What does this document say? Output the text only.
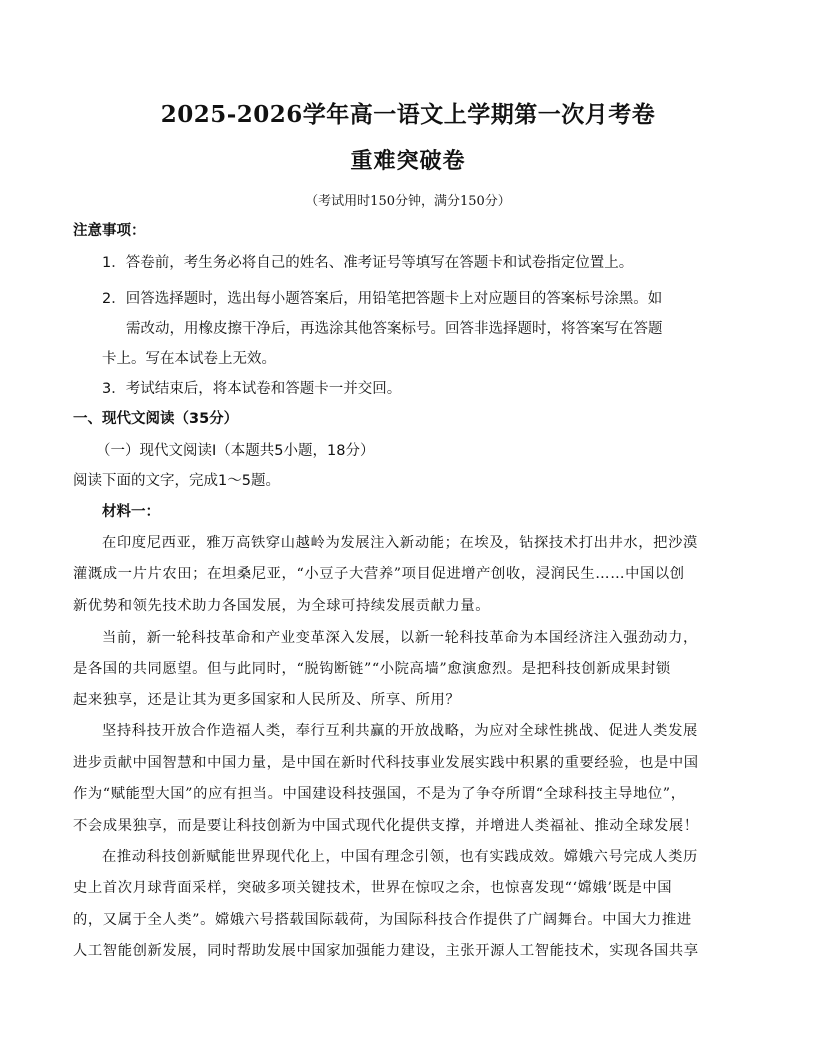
2025-2026学年高一语文上学期第一次月考卷
重难突破卷
（考试用时150分钟，满分150分）
注意事项：
1．答卷前，考生务必将自己的姓名、准考证号等填写在答题卡和试卷指定位置上。
2．回答选择题时，选出每小题答案后，用铅笔把答题卡上对应题目的答案标号涂黑。如
需改动，用橡皮擦干净后，再选涂其他答案标号。回答非选择题时，将答案写在答题
卡上。写在本试卷上无效。
3．考试结束后，将本试卷和答题卡一并交回。
一、现代文阅读（35分）
（一）现代文阅读Ⅰ（本题共5小题，18分）
阅读下面的文字，完成1～5题。
材料一：
在印度尼西亚，雅万高铁穿山越岭为发展注入新动能；在埃及，钻探技术打出井水，把沙漠
灌溉成一片片农田；在坦桑尼亚，“小豆子大营养”项目促进增产创收，浸润民生……中国以创
新优势和领先技术助力各国发展，为全球可持续发展贡献力量。
当前，新一轮科技革命和产业变革深入发展，以新一轮科技革命为本国经济注入强劲动力，
是各国的共同愿望。但与此同时，“脱钩断链”“小院高墙”愈演愈烈。是把科技创新成果封锁
起来独享，还是让其为更多国家和人民所及、所享、所用？
坚持科技开放合作造福人类，奉行互利共赢的开放战略，为应对全球性挑战、促进人类发展
进步贡献中国智慧和中国力量，是中国在新时代科技事业发展实践中积累的重要经验，也是中国
作为“赋能型大国”的应有担当。中国建设科技强国，不是为了争夺所谓“全球科技主导地位”，
不会成果独享，而是要让科技创新为中国式现代化提供支撑，并增进人类福祉、推动全球发展！
在推动科技创新赋能世界现代化上，中国有理念引领，也有实践成效。嫦娥六号完成人类历
史上首次月球背面采样，突破多项关键技术，世界在惊叹之余，也惊喜发现“‘嫦娥’既是中国
的，又属于全人类”。嫦娥六号搭载国际载荷，为国际科技合作提供了广阔舞台。中国大力推进
人工智能创新发展，同时帮助发展中国家加强能力建设，主张开源人工智能技术，实现各国共享
